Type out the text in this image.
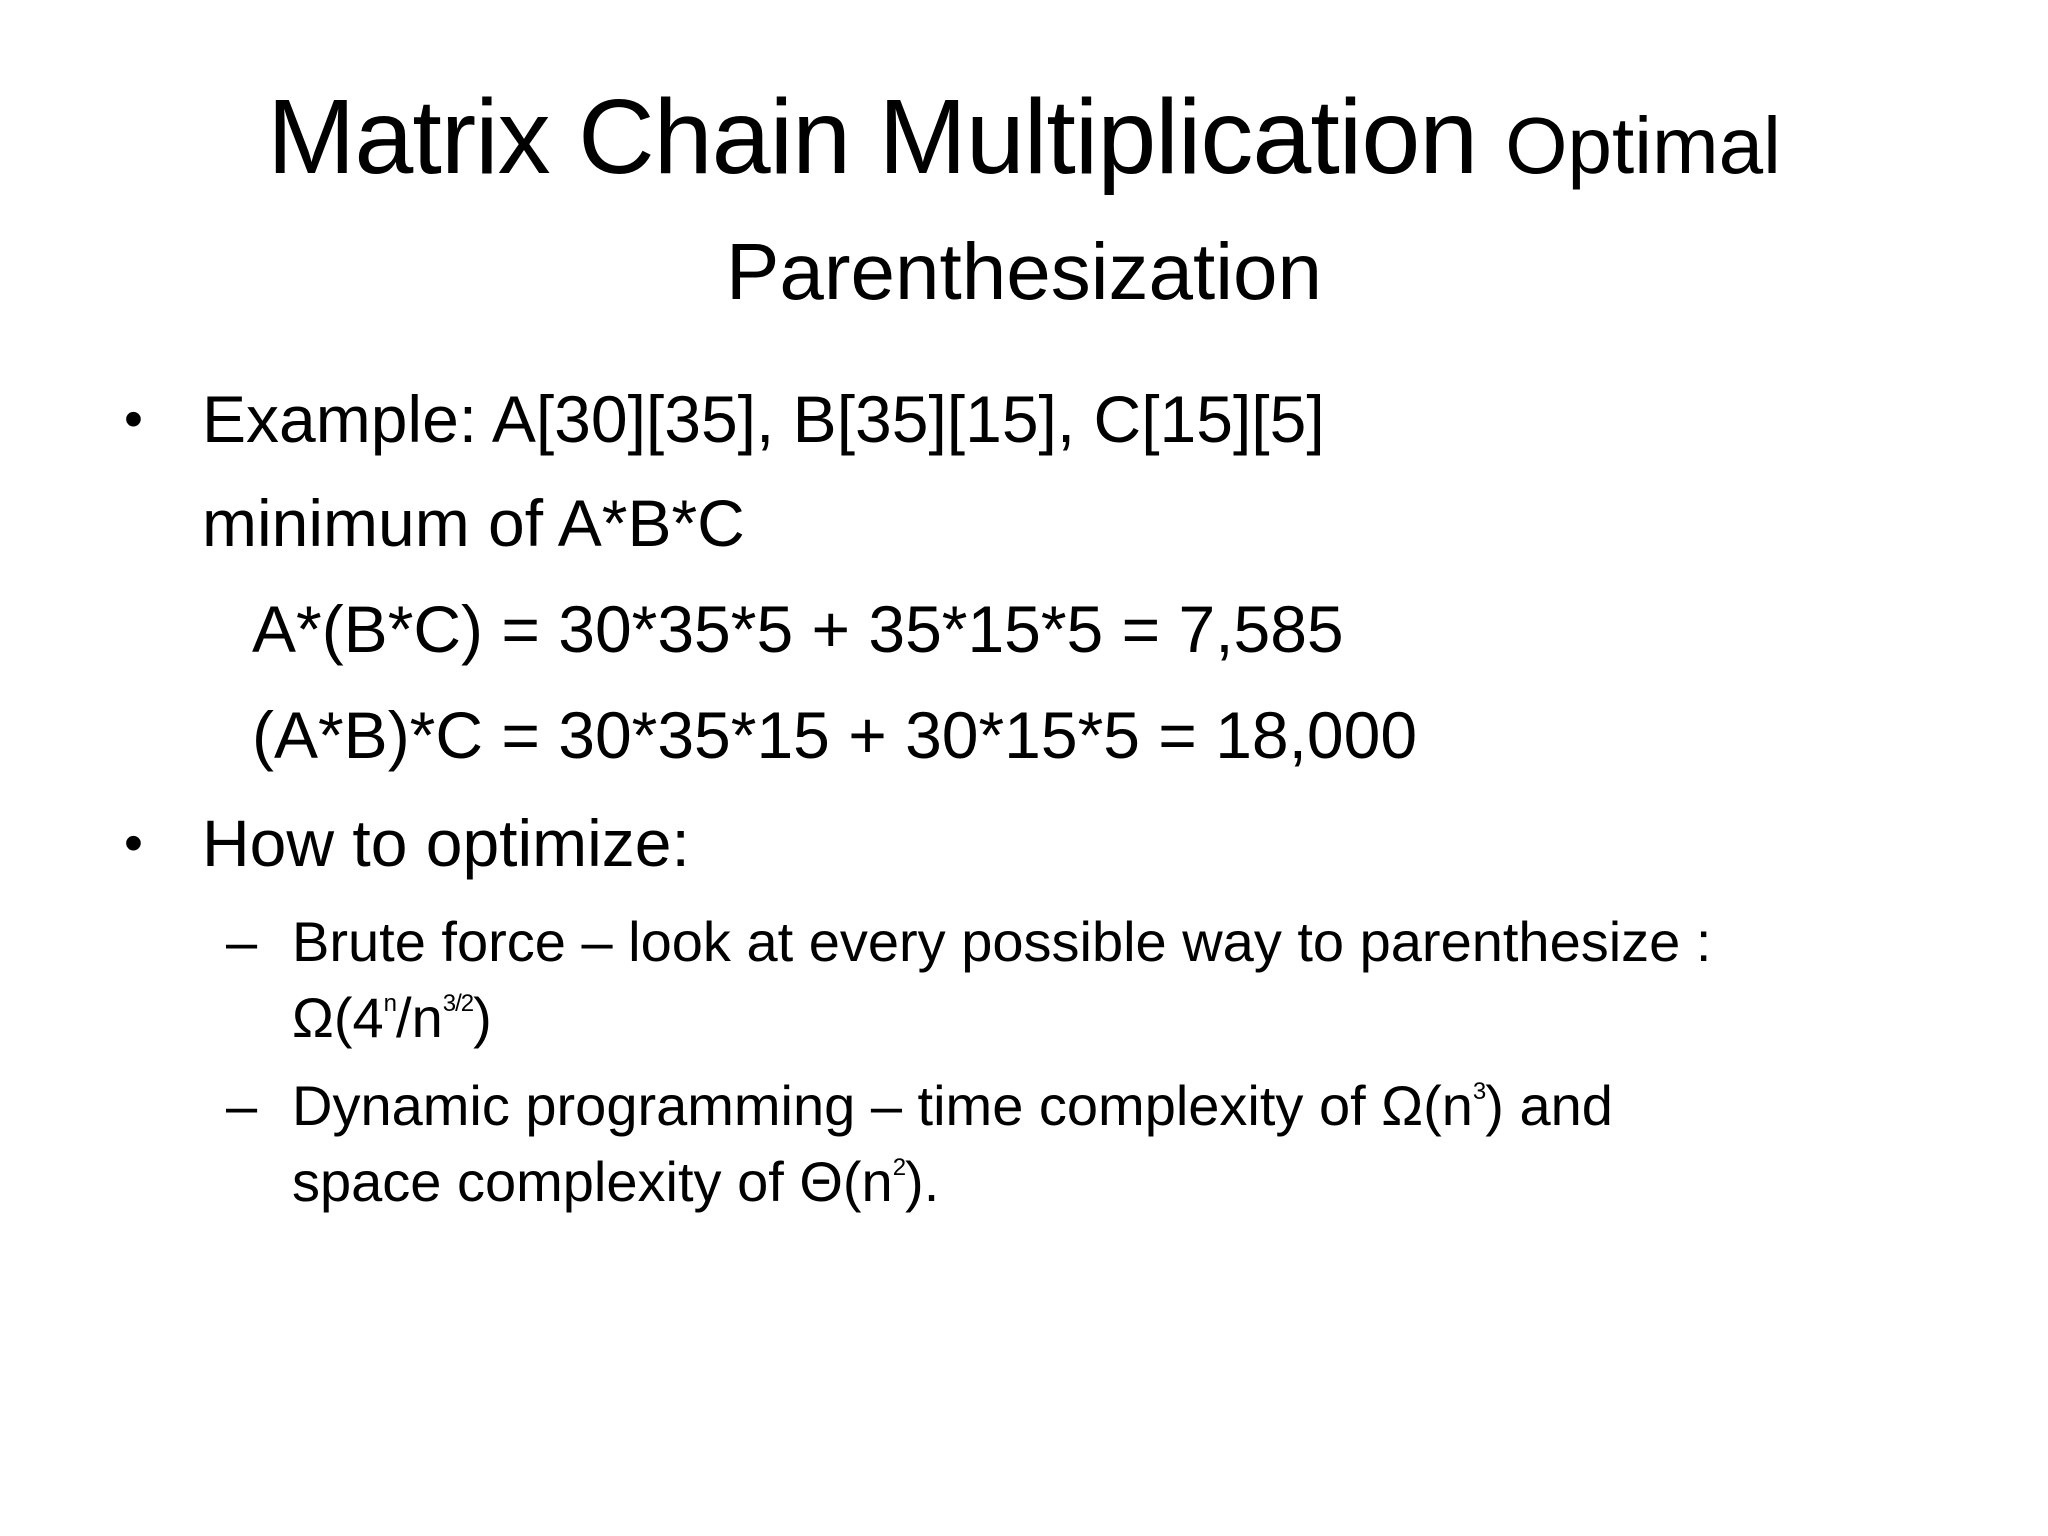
Matrix Chain Multiplication Optimal
Parenthesization
• Example: A[30][35], B[35][15], C[15][5]
minimum of A*B*C
A*(B*C) = 30*35*5 + 35*15*5 = 7,585
(A*B)*C = 30*35*15 + 30*15*5 = 18,000
• How to optimize:
– Brute force – look at every possible way to parenthesize :
$\Omega(4^n/n^{3/2})$
– Dynamic programming – time complexity of $\Omega(n^3)$ and
space complexity of $\Theta(n^2)$.
